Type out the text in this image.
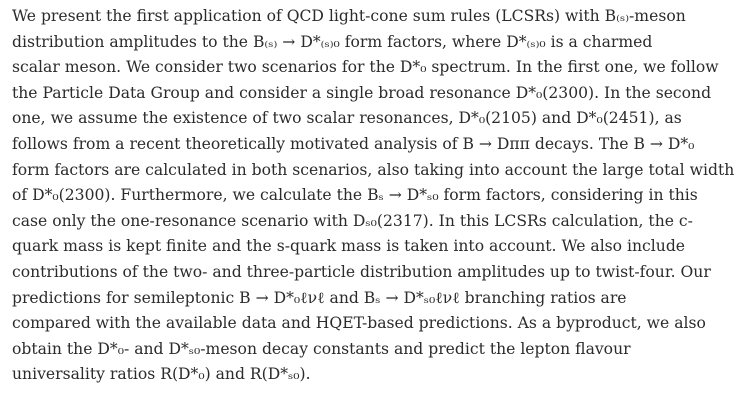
We present the first application of QCD light-cone sum rules (LCSRs) with B₍ₛ₎-meson
distribution amplitudes to the B₍ₛ₎ → D*₍ₛ₎₀ form factors, where D*₍ₛ₎₀ is a charmed
scalar meson. We consider two scenarios for the D*₀ spectrum. In the first one, we follow
the Particle Data Group and consider a single broad resonance D*₀(2300). In the second
one, we assume the existence of two scalar resonances, D*₀(2105) and D*₀(2451), as
follows from a recent theoretically motivated analysis of B → Dππ decays. The B → D*₀
form factors are calculated in both scenarios, also taking into account the large total width
of D*₀(2300). Furthermore, we calculate the Bₛ → D*ₛ₀ form factors, considering in this
case only the one-resonance scenario with Dₛ₀(2317). In this LCSRs calculation, the c-
quark mass is kept finite and the s-quark mass is taken into account. We also include
contributions of the two- and three-particle distribution amplitudes up to twist-four. Our
predictions for semileptonic B → D*₀ℓνℓ and Bₛ → D*ₛ₀ℓνℓ branching ratios are
compared with the available data and HQET-based predictions. As a byproduct, we also
obtain the D*₀- and D*ₛ₀-meson decay constants and predict the lepton flavour
universality ratios R(D*₀) and R(D*ₛ₀).
